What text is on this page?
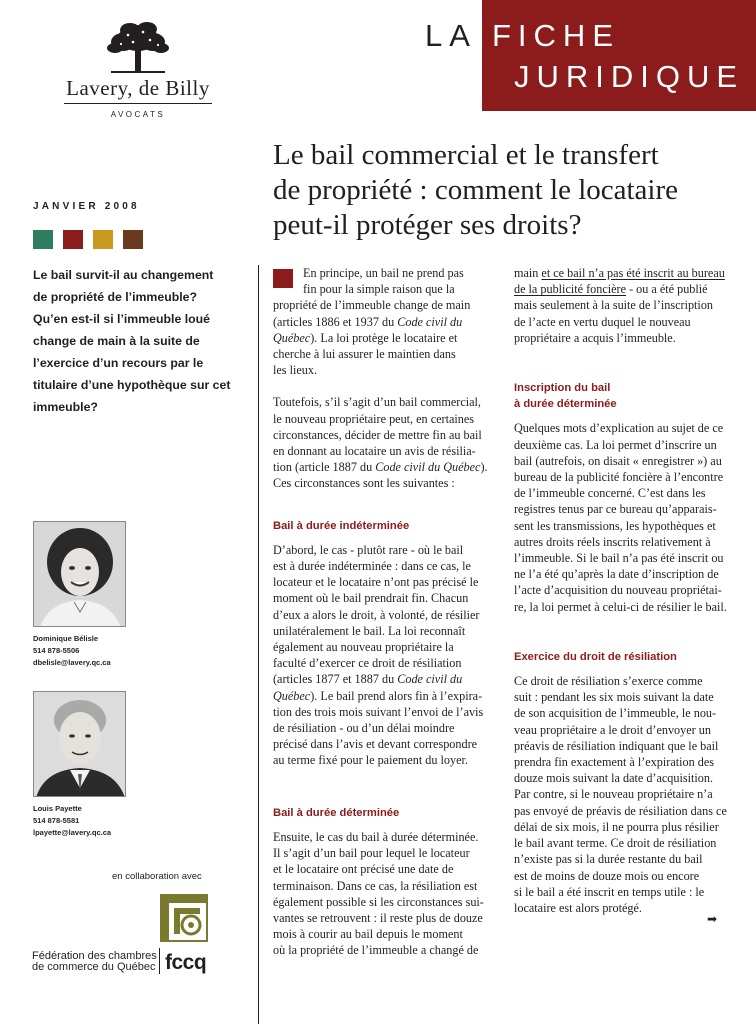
Lavery, de Billy
AVOCATS
LA FICHE
JURIDIQUE
Le bail commercial et le transfert
de propriété : comment le locataire
peut-il protéger ses droits?
JANVIER 2008
Le bail survit-il au changement
de propriété de l’immeuble?
Qu’en est-il si l’immeuble loué
change de main à la suite de
l’exercice d’un recours par le
titulaire d’une hypothèque sur cet
immeuble?
Dominique Bélisle
514 878-5506
dbelisle@lavery.qc.ca
Louis Payette
514 878-5581
lpayette@lavery.qc.ca
en collaboration avec
Fédération des chambres
de commerce du Québec fccq
En principe, un bail ne prend pas
fin pour la simple raison que la
propriété de l’immeuble change de main
(articles 1886 et 1937 du Code civil du
Québec). La loi protège le locataire et
cherche à lui assurer le maintien dans
les lieux.
Toutefois, s’il s’agit d’un bail commercial,
le nouveau propriétaire peut, en certaines
circonstances, décider de mettre fin au bail
en donnant au locataire un avis de résilia-
tion (article 1887 du Code civil du Québec).
Ces circonstances sont les suivantes :
Bail à durée indéterminée
D’abord, le cas - plutôt rare - où le bail
est à durée indéterminée : dans ce cas, le
locateur et le locataire n’ont pas précisé le
moment où le bail prendrait fin. Chacun
d’eux a alors le droit, à volonté, de résilier
unilatéralement le bail. La loi reconnaît
également au nouveau propriétaire la
faculté d’exercer ce droit de résiliation
(articles 1877 et 1887 du Code civil du
Québec). Le bail prend alors fin à l’expira-
tion des trois mois suivant l’envoi de l’avis
de résiliation - ou d’un délai moindre
précisé dans l’avis et devant correspondre
au terme fixé pour le paiement du loyer.
Bail à durée déterminée
Ensuite, le cas du bail à durée déterminée.
Il s’agit d’un bail pour lequel le locateur
et le locataire ont précisé une date de
terminaison. Dans ce cas, la résiliation est
également possible si les circonstances sui-
vantes se retrouvent : il reste plus de douze
mois à courir au bail depuis le moment
où la propriété de l’immeuble a changé de
main et ce bail n’a pas été inscrit au bureau
de la publicité foncière - ou a été publié
mais seulement à la suite de l’inscription
de l’acte en vertu duquel le nouveau
propriétaire a acquis l’immeuble.
Inscription du bail
à durée déterminée
Quelques mots d’explication au sujet de ce
deuxième cas. La loi permet d’inscrire un
bail (autrefois, on disait « enregistrer ») au
bureau de la publicité foncière à l’encontre
de l’immeuble concerné. C’est dans les
registres tenus par ce bureau qu’apparais-
sent les transmissions, les hypothèques et
autres droits réels inscrits relativement à
l’immeuble. Si le bail n’a pas été inscrit ou
ne l’a été qu’après la date d’inscription de
l’acte d’acquisition du nouveau propriétai-
re, la loi permet à celui-ci de résilier le bail.
Exercice du droit de résiliation
Ce droit de résiliation s’exerce comme
suit : pendant les six mois suivant la date
de son acquisition de l’immeuble, le nou-
veau propriétaire a le droit d’envoyer un
préavis de résiliation indiquant que le bail
prendra fin exactement à l’expiration des
douze mois suivant la date d’acquisition.
Par contre, si le nouveau propriétaire n’a
pas envoyé de préavis de résiliation dans ce
délai de six mois, il ne pourra plus résilier
le bail avant terme. Ce droit de résiliation
n’existe pas si la durée restante du bail
est de moins de douze mois ou encore
si le bail a été inscrit en temps utile : le
locataire est alors protégé.
➡
